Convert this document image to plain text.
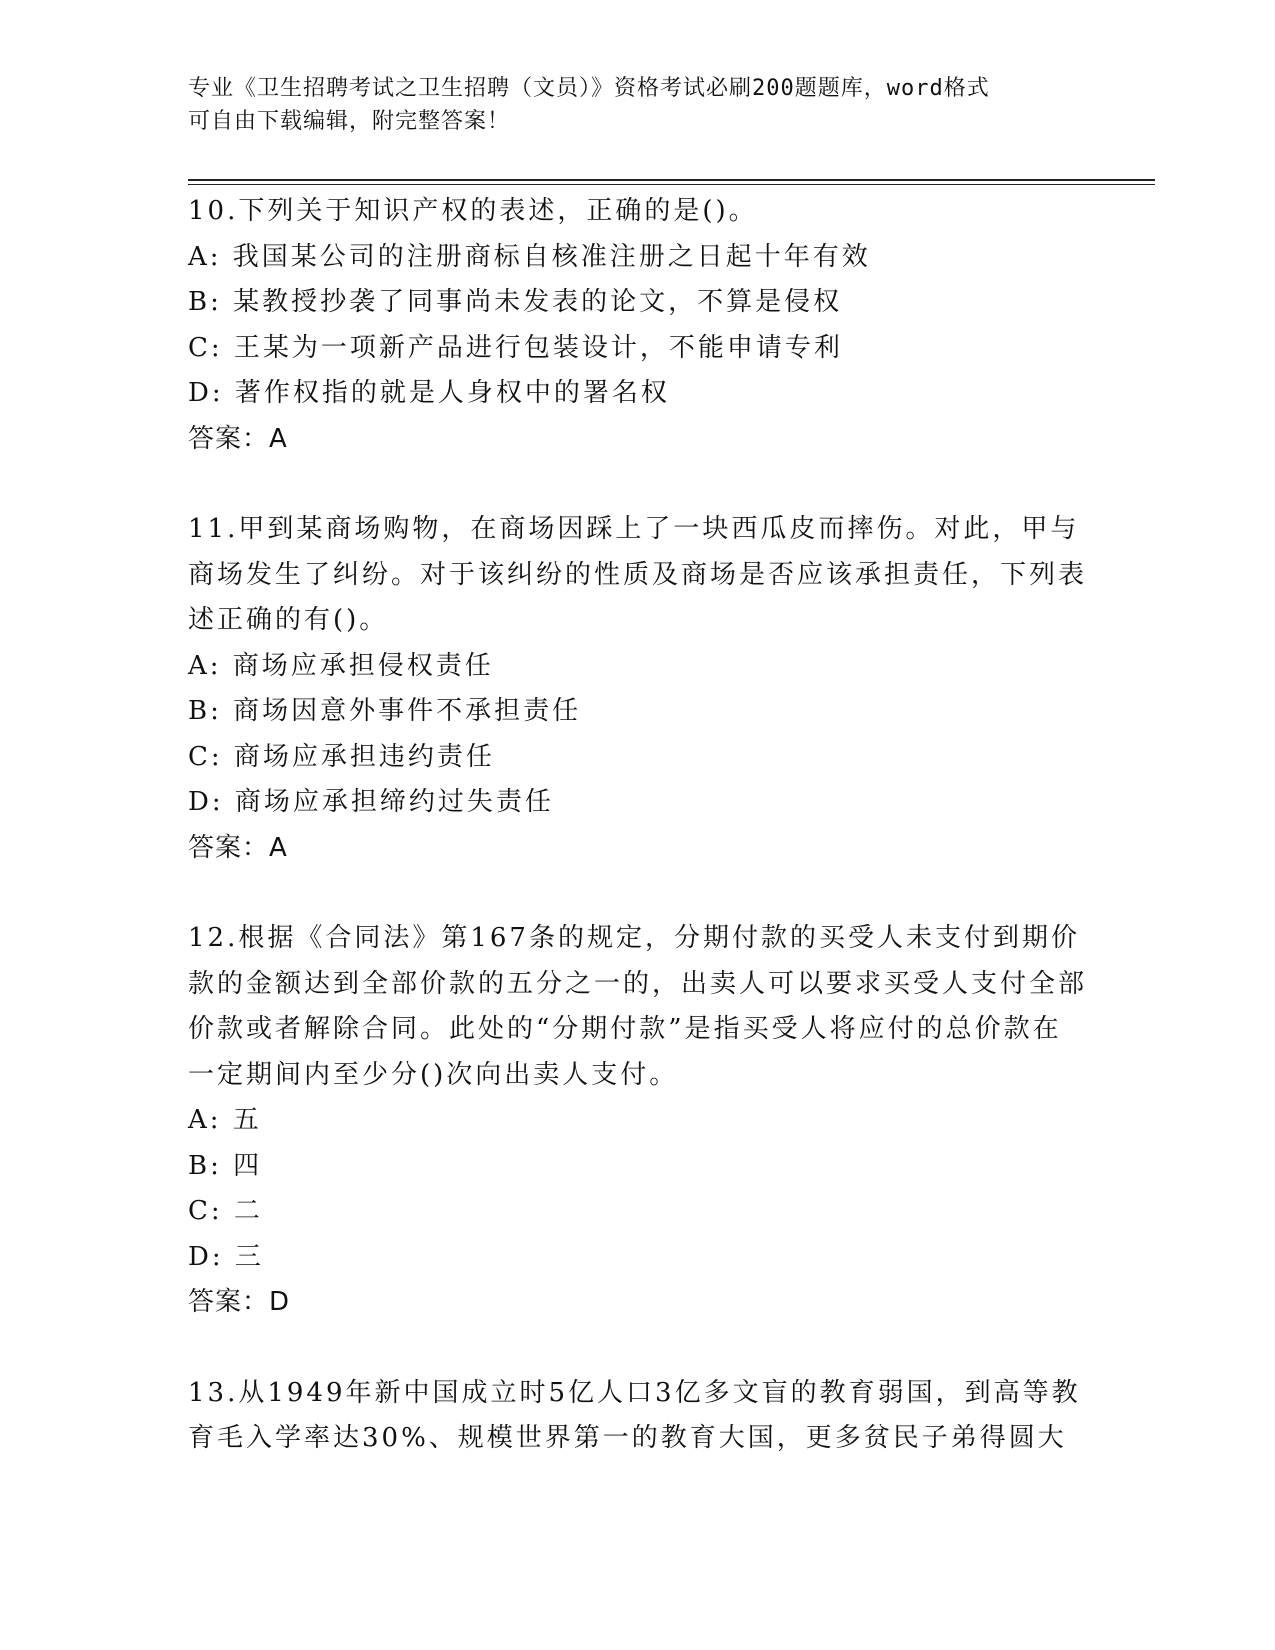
专业《卫生招聘考试之卫生招聘（文员）》资格考试必刷200题题库，word格式
可自由下载编辑，附完整答案！

10.下列关于知识产权的表述，正确的是()。

A: 我国某公司的注册商标自核准注册之日起十年有效

B: 某教授抄袭了同事尚未发表的论文，不算是侵权

C: 王某为一项新产品进行包装设计，不能申请专利

D: 著作权指的就是人身权中的署名权

答案：A

11.甲到某商场购物，在商场因踩上了一块西瓜皮而摔伤。对此，甲与商场发生了纠纷。对于该纠纷的性质及商场是否应该承担责任，下列表述正确的有()。

A: 商场应承担侵权责任

B: 商场因意外事件不承担责任

C: 商场应承担违约责任

D: 商场应承担缔约过失责任

答案：A

12.根据《合同法》第167条的规定，分期付款的买受人未支付到期价款的金额达到全部价款的五分之一的，出卖人可以要求买受人支付全部价款或者解除合同。此处的“分期付款”是指买受人将应付的总价款在一定期间内至少分()次向出卖人支付。

A: 五

B: 四

C: 二

D: 三

答案：D

13.从1949年新中国成立时5亿人口3亿多文盲的教育弱国，到高等教育毛入学率达30%、规模世界第一的教育大国，更多贫民子弟得圆大
